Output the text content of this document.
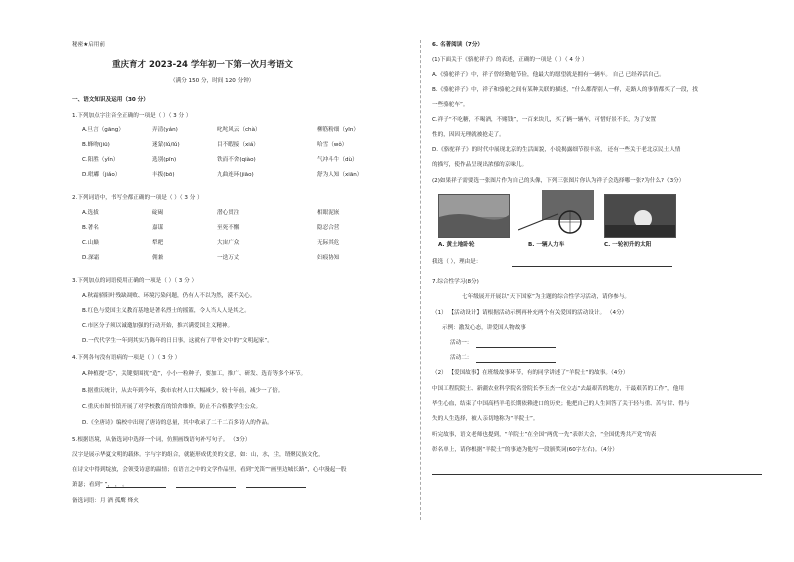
秘密★启用前
重庆育才 2023-24 学年初一下第一次月考语文
（满分 150 分，时间 120 分钟）
一、语文知识及运用（30 分）
1.下列加点字注音全正确的一项是（ ）（ 3 分 ）
A.旦言（gāng）	弄清(yán)	叱咤风云（chà）	柳筋粉细（yīn）
B.蜂吻(jiū)	迷蒙(lǔ/lǔ)	目不暇接（xiá）	哈雪（wǒ）
C.阳胜（yǐn）	选别(pīn)	铁而不舍(qiào)	气冲斗牛（dù）
D.吡嘟（jiǎo）	丰拨(bō)	九曲连环(jiāo)	舒为人知（xiān）
2.下列词语中，书写全都正确的一项是（ ）（ 3 分 ）
A.选拔	碇碣	潜心贯注	相眼泥嵌
B.著名	嘉谋	至死不懈	隐忍合营
C.山巅	犁耙	大宙广众	无际其危
D.深霜	佣兼	一迭万丈	妇痕协知
3.下列加点的词语使用正确的一项是（ ）（ 3 分 ）
A.秋霜骄阳叶残缺凋败、环境污染问题，仍有人不以为然，漠不关心。
B.红色与爱国主义教育基地是著名烈士的摇篮，令人当人人是其之。
C.市区分子须以诚邀加强的行动开始，推兴满爱国主义精神。
D.一代代学生一年到其实乃陈年的日日事，这就有了甲骨文中的“文明起家”。
4.下列各句没有语病的一项是（ ）（ 3 分 ）
A.种植提“芯”，关键要围扰“造”，小小一粒种子，要加工，推广、研发、选育等多个环节。
B.据重庆统计，从去年到今年，我市农村人口大幅减少，较十年前，减少一了倍。
C.重庆市图书馆开展了对学校教育的馆舍维修，防止不合格教学生公众。
D.《全唐诗》编校中出现了唐诗的总量，其中收录了二千二百多诗人的作品。
5.根据语境，从备选词中选择一个词，仿照画线语句补写句子。 （3分）
汉字是展示华夏文明的载体。字与字的组合，就能形成优美的文意，如：山，水，尘，谓聚民族文化，
在诗文中得到绽放，会领受诗意的温情；在语言之中的文学作品里，看到“羌笛”“画里边城长路”，心中漫起一股
萧瑟；看到“ ”， ， 。
备选词语：月 酒 孤鹰 烽火
6. 名著阅读（7分）
(1)下面关于《骆驼祥子》的表述，正确的一项是（ ）（ 4 分 ）
A.《骆驼祥子》中，祥子曾经勤勉节俭，他最大的愿望就是拥有一辆车。 自己 已经养活自己。
B.《骆驼祥子》中，祥子和骆驼之间有某种关联的描述，“什么都帮别人一样，走路人的事情都买了一段，找
一些骆驼车”。
C.祥子“不吃糖，不喝酒，不赌钱”，一百来块儿，买了辆一辆车，可惜好景不长，为了安置
性的，因因无理就被抢走了。
D.《骆驼祥子》的时代中展现北京的生活面貌，小说揭露细节很丰富， 还有一些关于老北京民土人情
的描写，使作品呈现出浓郁的京味儿。
(2)如果祥子需要选一张图片作为自己的头像，下列三张图片你认为祥子会选择哪一张?为什么?（3分）
A. 黄土地卧轮	B. 一辆人力车	C. 一轮初升的太阳
我选（ ），理由是：
7.综合性学习(8分)
七年级展开开展以“天下国家”为主题的综合性学习活动，请你参与。
（1） 【活动设计】请根据活动示例再补充两个有关爱国的活动设计。 （4分）
示例：激发心态，讲爱国人物故事
活动一：
活动二：
（2） 【爱国故事】在班级故事环节，有的同学讲述了“羊院士”的故事。（4分）
中国工程院院士、新疆农业科学院名誉院长李玉杰一位立志“去最艰苦的地方，干最艰苦的工作”，他用
毕生心血，结束了中国高档羊毛长期依赖进口的历史；他把自己的人生回答了关于轻与重、苦与甘、得与
失的人生选择，被人亲切地称为“羊院士”。
听完故事，语文老师也提到，“羊院士”在全国“两优一先”表彰大会，“全国优秀共产党”的表
彰名单上，请你根据“羊院士”的事迹为他写一段颁奖词(60字左右)。（4分）
